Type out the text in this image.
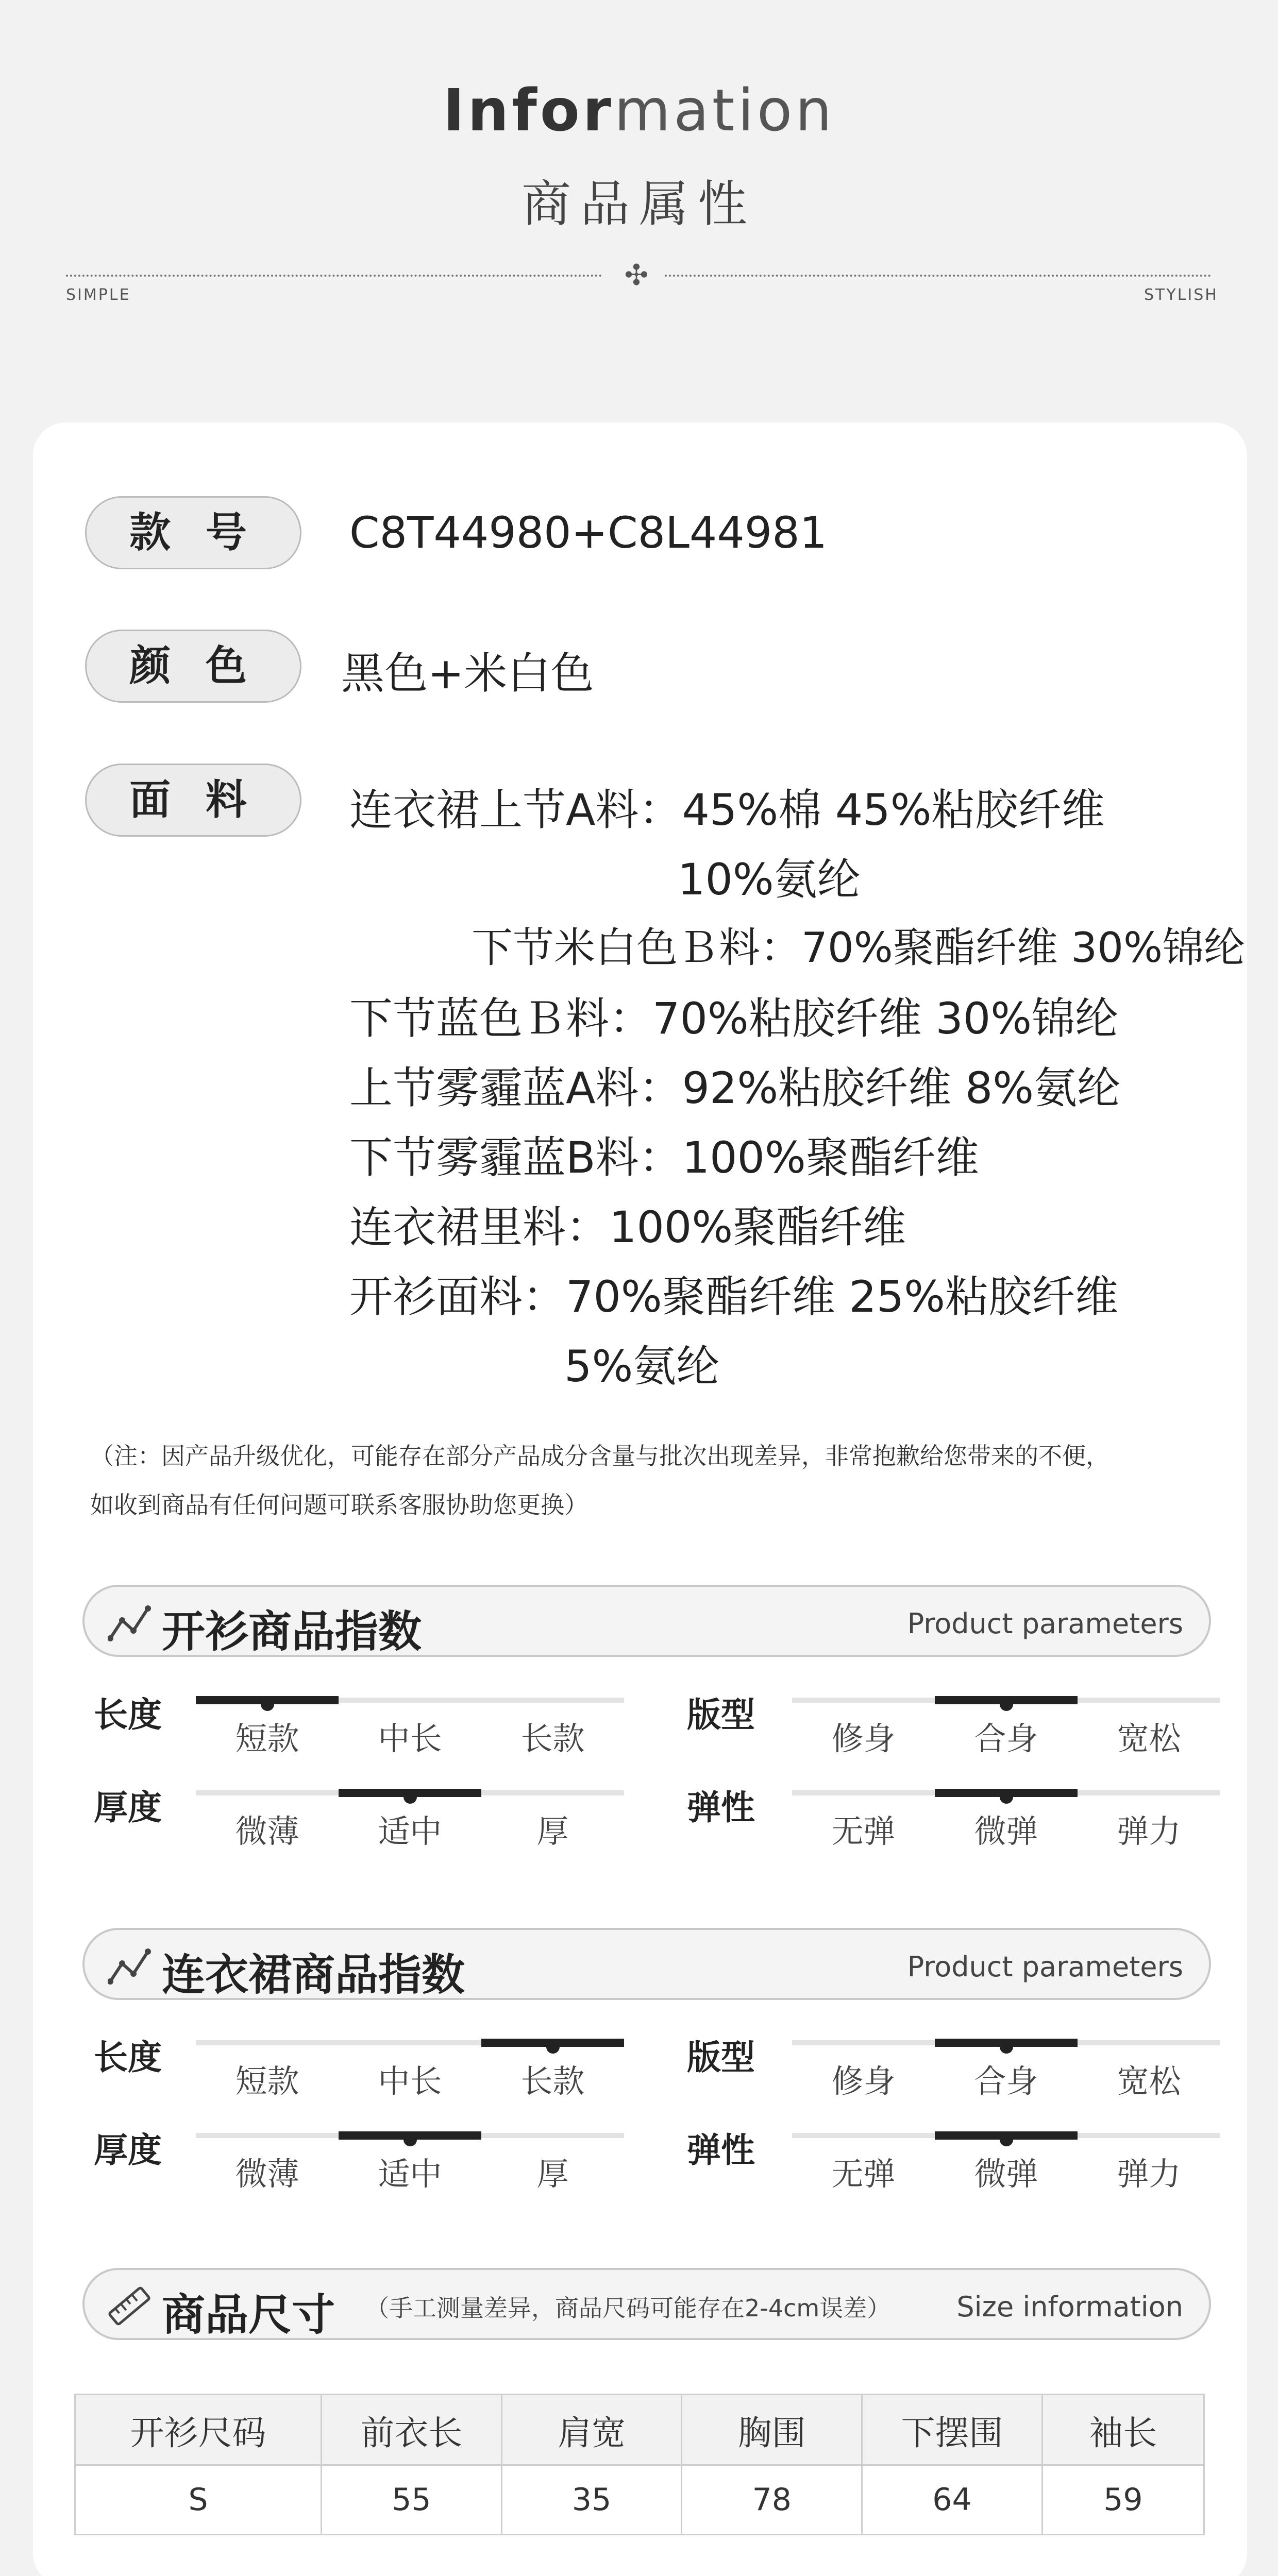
Information
商品属性
✣
SIMPLE	STYLISH
款 号	C8T44980+C8L44981
颜 色	黑色+米白色
面 料	连衣裙上节A料：45%棉 45%粘胶纤维
10%氨纶
下节米白色Ｂ料：70%聚酯纤维 30%锦纶
下节蓝色Ｂ料：70%粘胶纤维 30%锦纶
上节雾霾蓝A料：92%粘胶纤维 8%氨纶
下节雾霾蓝B料：100%聚酯纤维
连衣裙里料：100%聚酯纤维
开衫面料：70%聚酯纤维 25%粘胶纤维
5%氨纶
（注：因产品升级优化，可能存在部分产品成分含量与批次出现差异，非常抱歉给您带来的不便，
如收到商品有任何问题可联系客服协助您更换）
开衫商品指数	Product parameters
连衣裙商品指数	Product parameters
长度
短款	中长	长款
版型
修身	合身	宽松
厚度
微薄	适中	厚
弹性
无弹	微弹	弹力
长度
短款	中长	长款
版型
修身	合身	宽松
厚度
微薄	适中	厚
弹性
无弹	微弹	弹力
商品尺寸 （手工测量差异，商品尺码可能存在2-4cm误差） Size information
开衫尺码	前衣长	肩宽	胸围	下摆围	袖长
S	55	35	78	64	59
